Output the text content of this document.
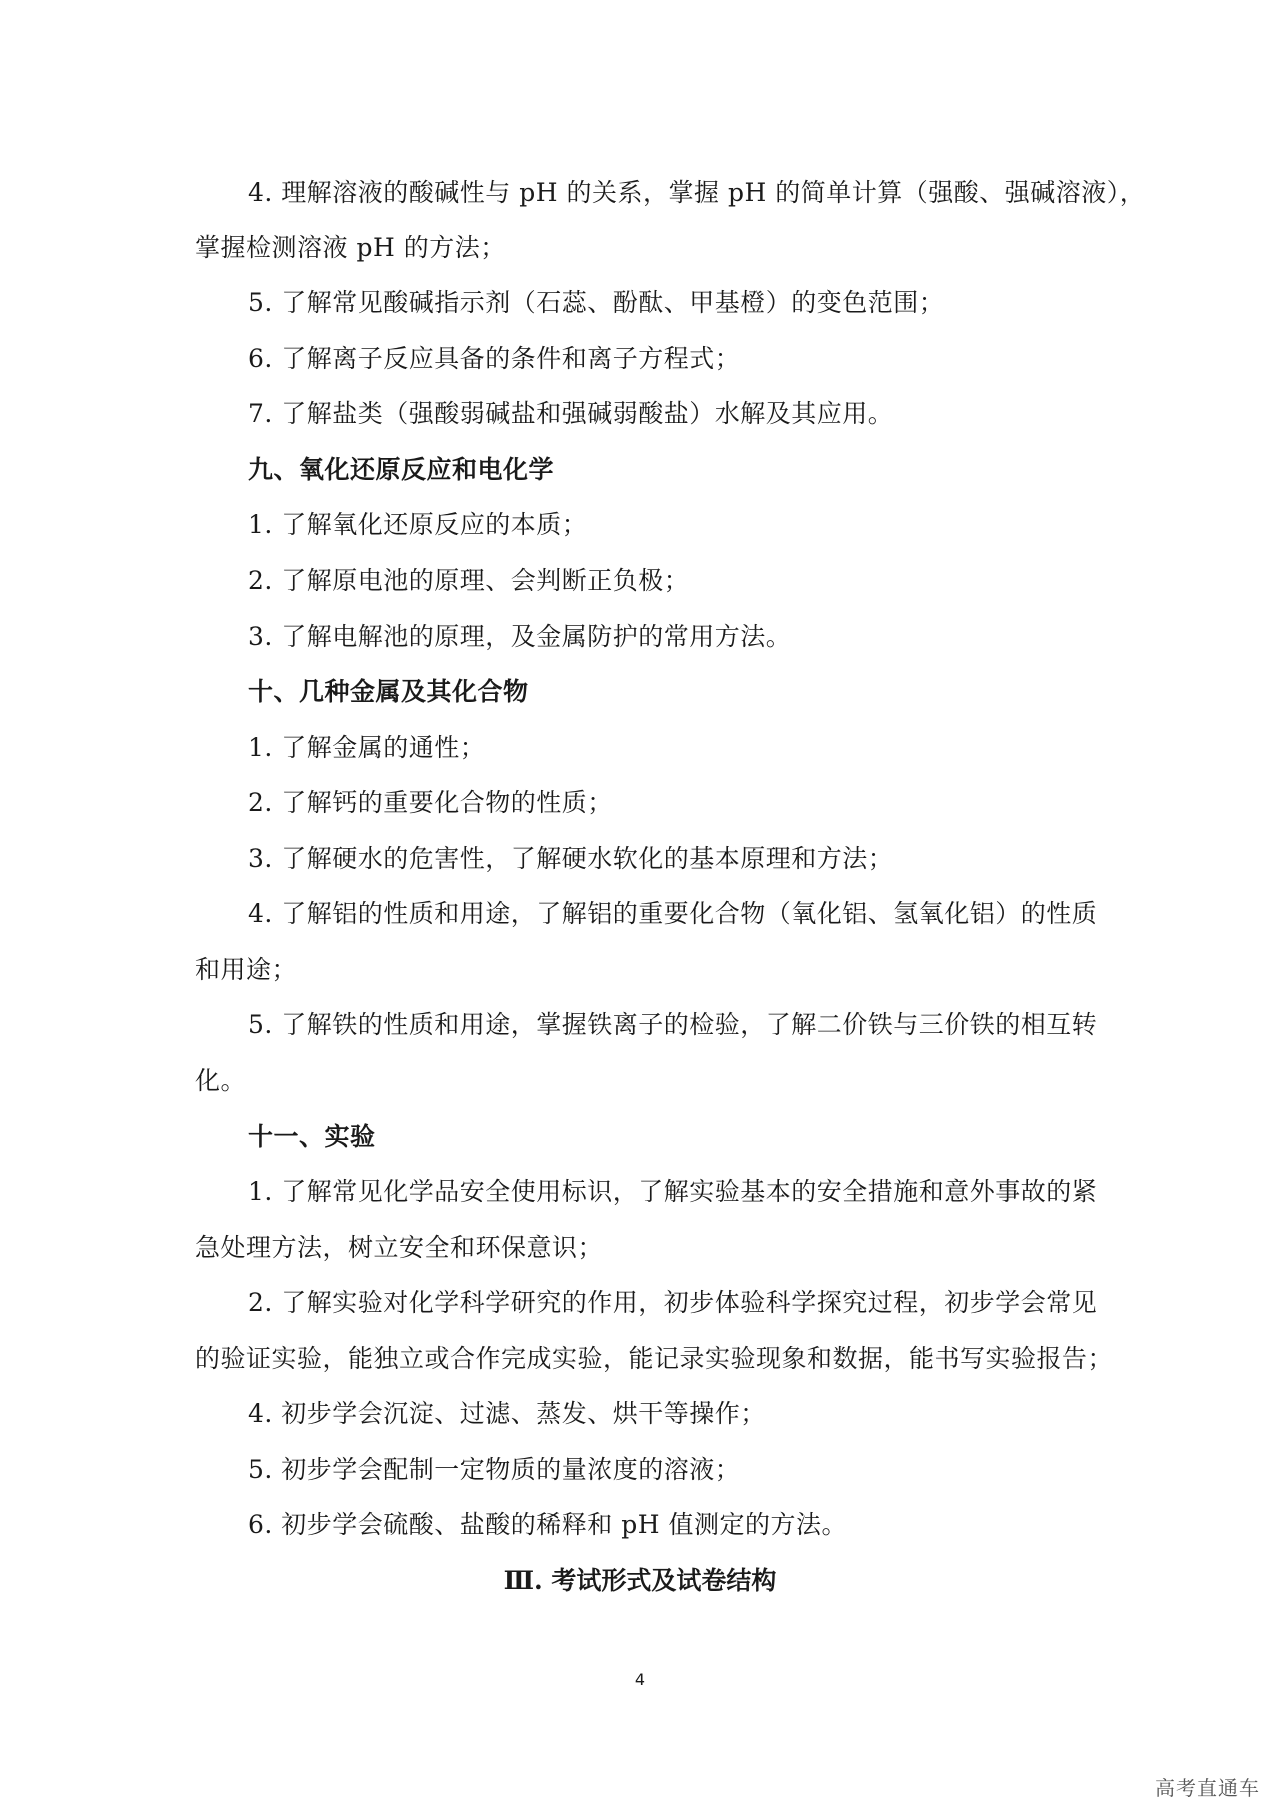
4. 理解溶液的酸碱性与 pH 的关系，掌握 pH 的简单计算（强酸、强碱溶液），
掌握检测溶液 pH 的方法；
5. 了解常见酸碱指示剂（石蕊、酚酞、甲基橙）的变色范围；
6. 了解离子反应具备的条件和离子方程式；
7. 了解盐类（强酸弱碱盐和强碱弱酸盐）水解及其应用。
九、氧化还原反应和电化学
1. 了解氧化还原反应的本质；
2. 了解原电池的原理、会判断正负极；
3. 了解电解池的原理，及金属防护的常用方法。
十、几种金属及其化合物
1. 了解金属的通性；
2. 了解钙的重要化合物的性质；
3. 了解硬水的危害性，了解硬水软化的基本原理和方法；
4. 了解铝的性质和用途，了解铝的重要化合物（氧化铝、氢氧化铝）的性质
和用途；
5. 了解铁的性质和用途，掌握铁离子的检验，了解二价铁与三价铁的相互转
化。
十一、实验
1. 了解常见化学品安全使用标识，了解实验基本的安全措施和意外事故的紧
急处理方法，树立安全和环保意识；
2. 了解实验对化学科学研究的作用，初步体验科学探究过程，初步学会常见
的验证实验，能独立或合作完成实验，能记录实验现象和数据，能书写实验报告；
4. 初步学会沉淀、过滤、蒸发、烘干等操作；
5. 初步学会配制一定物质的量浓度的溶液；
6. 初步学会硫酸、盐酸的稀释和 pH 值测定的方法。
Ⅲ. 考试形式及试卷结构
4
高考直通车
